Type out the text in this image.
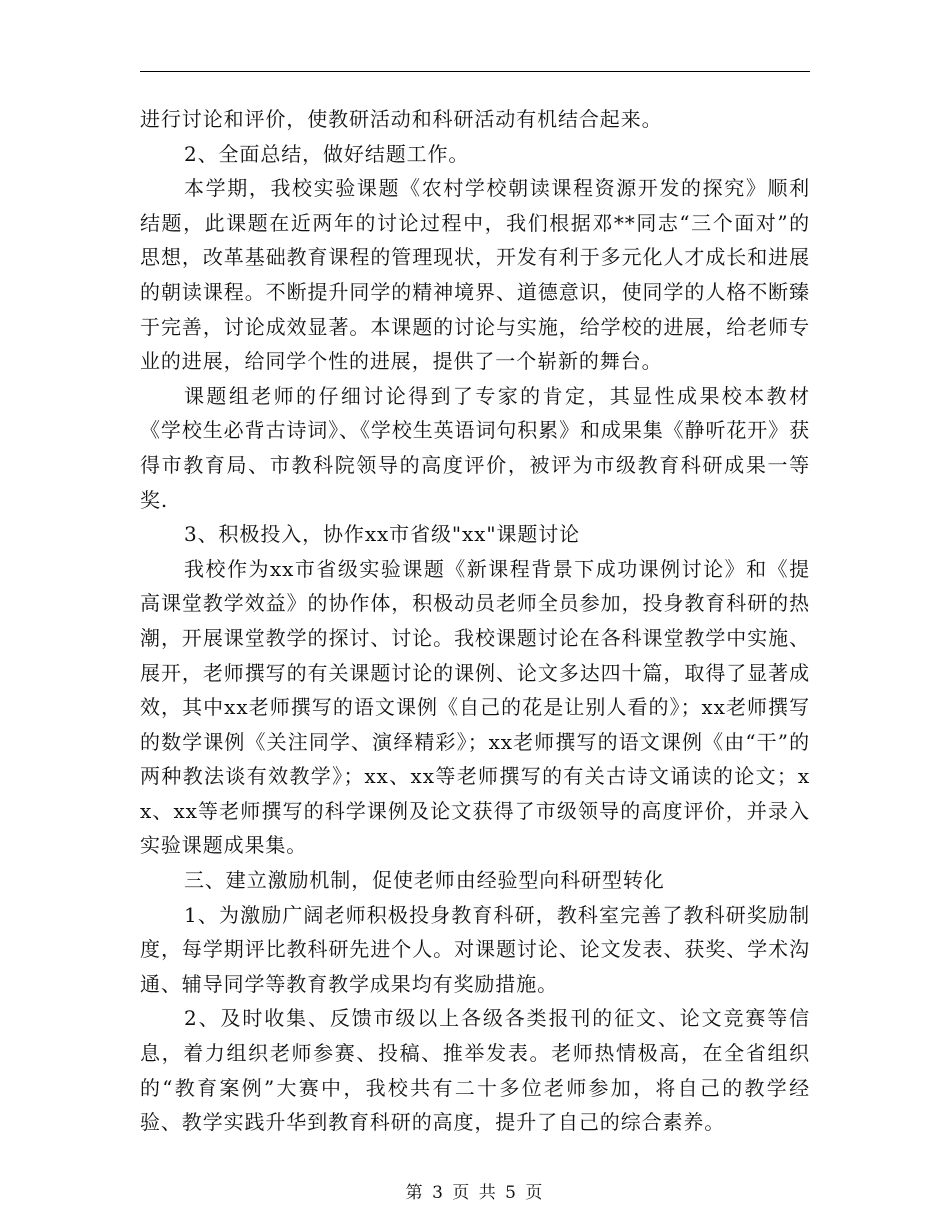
进行讨论和评价，使教研活动和科研活动有机结合起来。

2、全面总结，做好结题工作。

本学期，我校实验课题《农村学校朝读课程资源开发的探究》顺利结题，此课题在近两年的讨论过程中，我们根据邓**同志“三个面对”的思想，改革基础教育课程的管理现状，开发有利于多元化人才成长和进展的朝读课程。不断提升同学的精神境界、道德意识，使同学的人格不断臻于完善，讨论成效显著。本课题的讨论与实施，给学校的进展，给老师专业的进展，给同学个性的进展，提供了一个崭新的舞台。

课题组老师的仔细讨论得到了专家的肯定，其显性成果校本教材《学校生必背古诗词》、《学校生英语词句积累》和成果集《静听花开》获得市教育局、市教科院领导的高度评价，被评为市级教育科研成果一等奖.

3、积极投入，协作xx市省级"xx"课题讨论

我校作为xx市省级实验课题《新课程背景下成功课例讨论》和《提高课堂教学效益》的协作体，积极动员老师全员参加，投身教育科研的热潮，开展课堂教学的探讨、讨论。我校课题讨论在各科课堂教学中实施、展开，老师撰写的有关课题讨论的课例、论文多达四十篇，取得了显著成效，其中xx老师撰写的语文课例《自己的花是让别人看的》；xx老师撰写的数学课例《关注同学、演绎精彩》；xx老师撰写的语文课例《由“干”的两种教法谈有效教学》；xx、xx等老师撰写的有关古诗文诵读的论文；xx、xx等老师撰写的科学课例及论文获得了市级领导的高度评价，并录入实验课题成果集。

三、建立激励机制，促使老师由经验型向科研型转化

1、为激励广阔老师积极投身教育科研，教科室完善了教科研奖励制度，每学期评比教科研先进个人。对课题讨论、论文发表、获奖、学术沟通、辅导同学等教育教学成果均有奖励措施。

2、及时收集、反馈市级以上各级各类报刊的征文、论文竞赛等信息，着力组织老师参赛、投稿、推举发表。老师热情极高，在全省组织的“教育案例”大赛中，我校共有二十多位老师参加，将自己的教学经验、教学实践升华到教育科研的高度，提升了自己的综合素养。

第 3 页 共 5 页
